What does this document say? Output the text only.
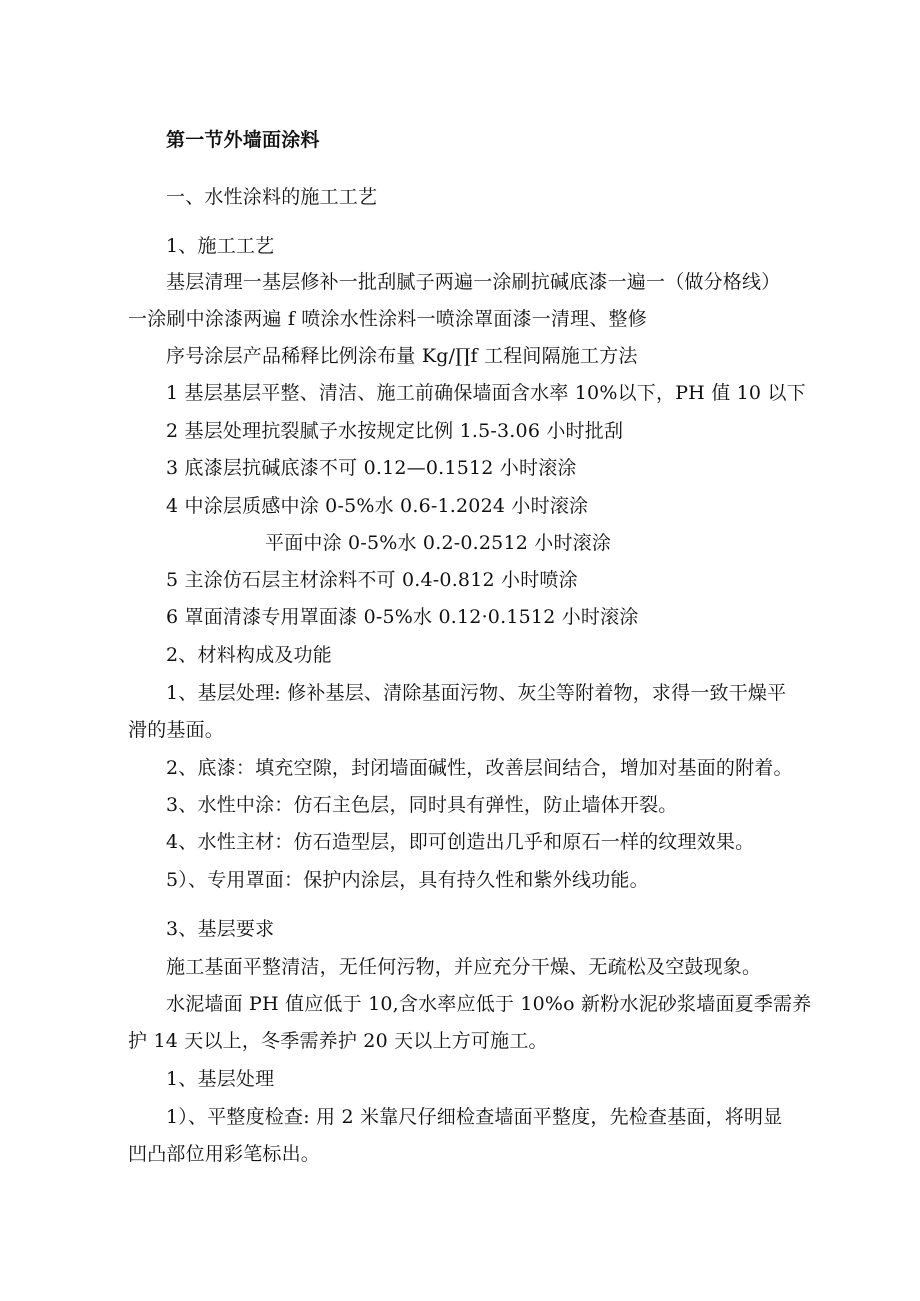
第一节外墙面涂料
一、水性涂料的施工工艺
1、施工工艺
基层清理一基层修补一批刮腻子两遍一涂刷抗碱底漆一遍一（做分格线）
一涂刷中涂漆两遍 f 喷涂水性涂料一喷涂罩面漆一清理、整修
序号涂层产品稀释比例涂布量 Kg/∏f 工程间隔施工方法
1 基层基层平整、清洁、施工前确保墙面含水率 10%以下，PH 值 10 以下
2 基层处理抗裂腻子水按规定比例 1.5-3.06 小时批刮
3 底漆层抗碱底漆不可 0.12—0.1512 小时滚涂
4 中涂层质感中涂 0-5%水 0.6-1.2024 小时滚涂
平面中涂 0-5%水 0.2-0.2512 小时滚涂
5 主涂仿石层主材涂料不可 0.4-0.812 小时喷涂
6 罩面清漆专用罩面漆 0-5%水 0.12·0.1512 小时滚涂
2、材料构成及功能
1、基层处理: 修补基层、清除基面污物、灰尘等附着物，求得一致干燥平
滑的基面。
2、底漆：填充空隙，封闭墙面碱性，改善层间结合，增加对基面的附着。
3、水性中涂：仿石主色层，同时具有弹性，防止墙体开裂。
4、水性主材：仿石造型层，即可创造出几乎和原石一样的纹理效果。
5）、专用罩面：保护内涂层，具有持久性和紫外线功能。
3、基层要求
施工基面平整清洁，无任何污物，并应充分干燥、无疏松及空鼓现象。
水泥墙面 PH 值应低于 10,含水率应低于 10%o 新粉水泥砂浆墙面夏季需养
护 14 天以上，冬季需养护 20 天以上方可施工。
1、基层处理
1）、平整度检查: 用 2 米靠尺仔细检查墙面平整度，先检查基面，将明显
凹凸部位用彩笔标出。
